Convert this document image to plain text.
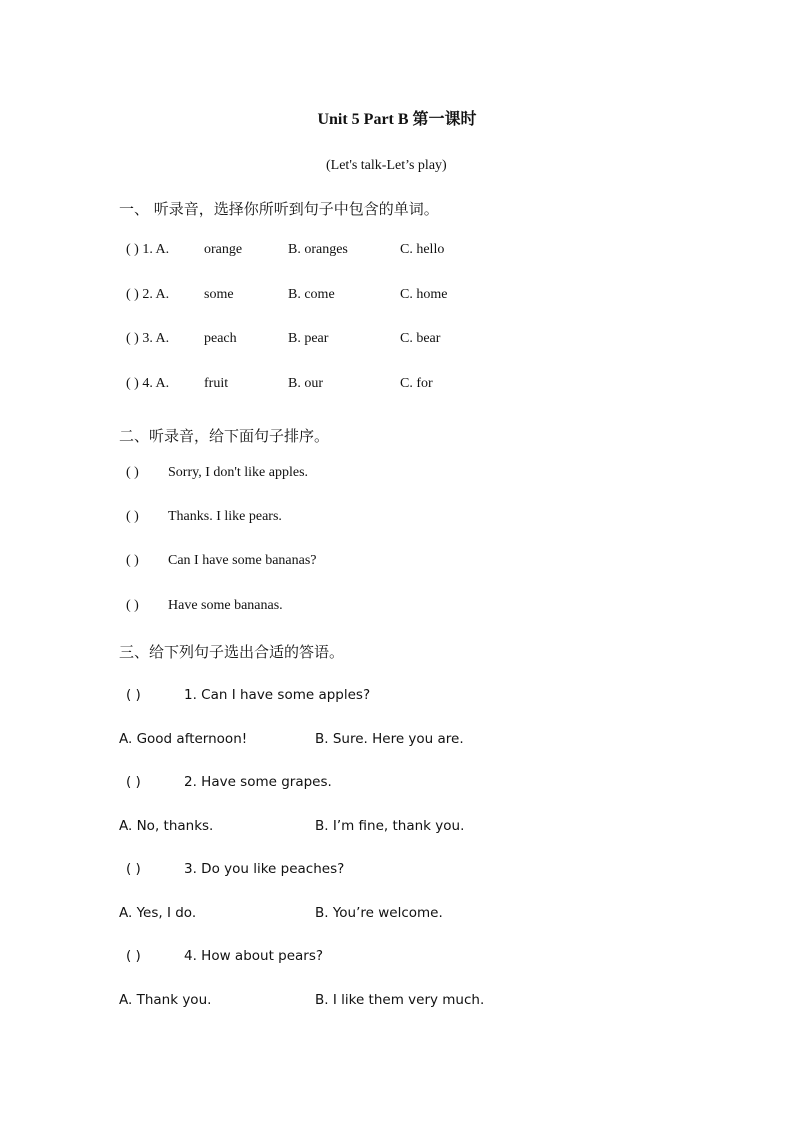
Unit 5 Part B 第一课时
(Let's talk-Let’s play)
一、 听录音，选择你所听到句子中包含的单词。
( ) 1. A. orange	B. oranges	C. hello
( ) 2. A. some	B. come	C. home
( ) 3. A. peach	B. pear	C. bear
( ) 4. A. fruit	B. our	C. for
二、听录音，给下面句子排序。
( ) Sorry, I don't like apples.
( ) Thanks. I like pears.
( ) Can I have some bananas?
( ) Have some bananas.
三、给下列句子选出合适的答语。
( )	1. Can I have some apples?
A. Good afternoon!	B. Sure. Here you are.
( )	2. Have some grapes.
A. No, thanks.	B. I’m fine, thank you.
( )	3. Do you like peaches?
A. Yes, I do.	B. You’re welcome.
( )	4. How about pears?
A. Thank you.	B. I like them very much.
